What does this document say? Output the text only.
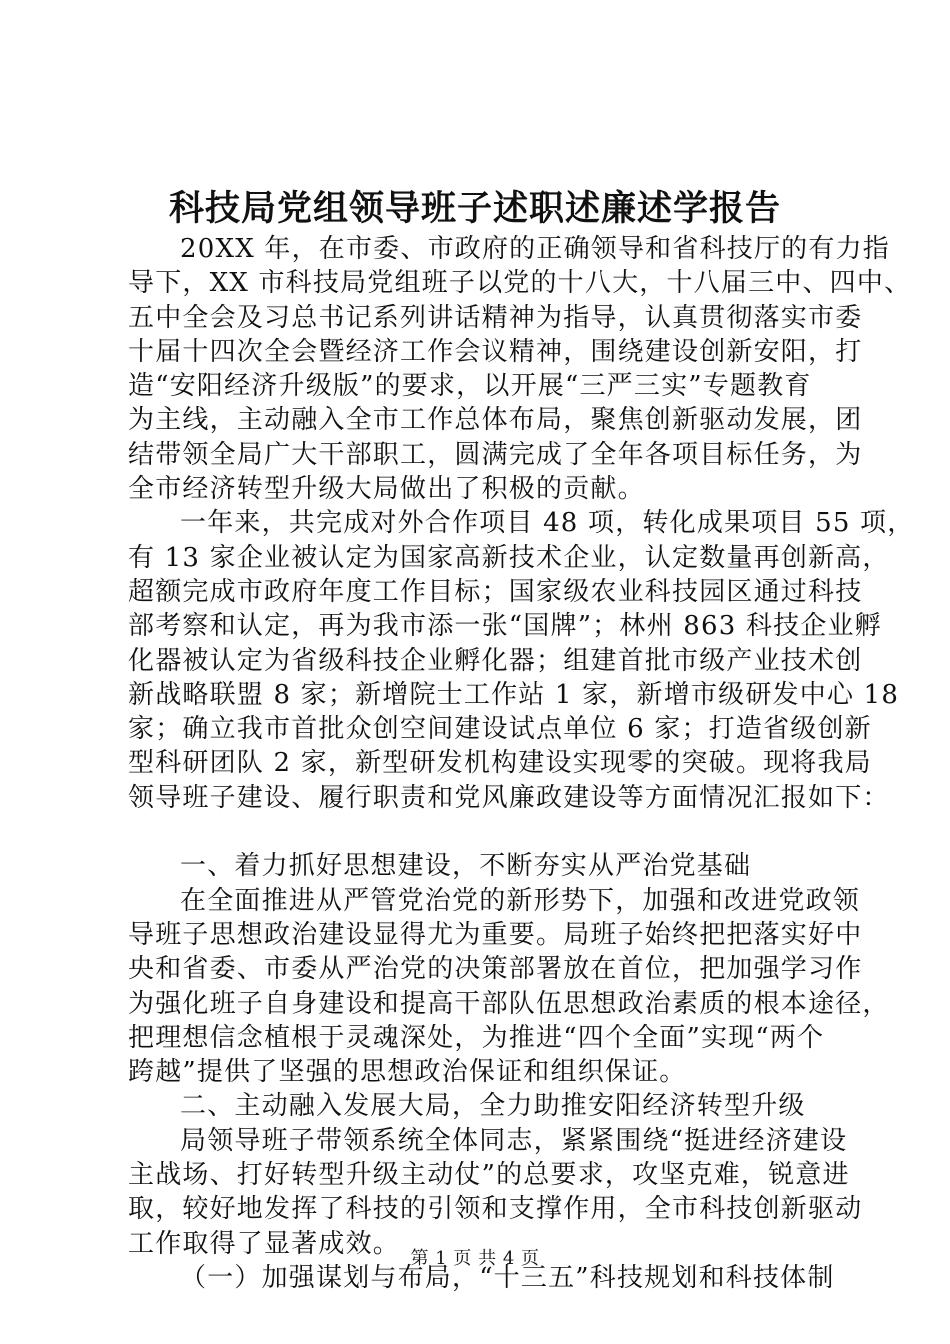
科技局党组领导班子述职述廉述学报告
20XX 年，在市委、市政府的正确领导和省科技厅的有力指
导下，XX 市科技局党组班子以党的十八大，十八届三中、四中、
五中全会及习总书记系列讲话精神为指导，认真贯彻落实市委
十届十四次全会暨经济工作会议精神，围绕建设创新安阳，打
造“安阳经济升级版”的要求，以开展“三严三实”专题教育
为主线，主动融入全市工作总体布局，聚焦创新驱动发展，团
结带领全局广大干部职工，圆满完成了全年各项目标任务，为
全市经济转型升级大局做出了积极的贡献。
一年来，共完成对外合作项目 48 项，转化成果项目 55 项，
有 13 家企业被认定为国家高新技术企业，认定数量再创新高，
超额完成市政府年度工作目标；国家级农业科技园区通过科技
部考察和认定，再为我市添一张“国牌”；林州 863 科技企业孵
化器被认定为省级科技企业孵化器；组建首批市级产业技术创
新战略联盟 8 家；新增院士工作站 1 家，新增市级研发中心 18
家；确立我市首批众创空间建设试点单位 6 家；打造省级创新
型科研团队 2 家，新型研发机构建设实现零的突破。现将我局
领导班子建设、履行职责和党风廉政建设等方面情况汇报如下：
一、着力抓好思想建设，不断夯实从严治党基础
在全面推进从严管党治党的新形势下，加强和改进党政领
导班子思想政治建设显得尤为重要。局班子始终把把落实好中
央和省委、市委从严治党的决策部署放在首位，把加强学习作
为强化班子自身建设和提高干部队伍思想政治素质的根本途径，
把理想信念植根于灵魂深处，为推进“四个全面”实现“两个
跨越”提供了坚强的思想政治保证和组织保证。
二、主动融入发展大局，全力助推安阳经济转型升级
局领导班子带领系统全体同志，紧紧围绕“挺进经济建设
主战场、打好转型升级主动仗”的总要求，攻坚克难，锐意进
取，较好地发挥了科技的引领和支撑作用，全市科技创新驱动
工作取得了显著成效。
（一）加强谋划与布局，“十三五”科技规划和科技体制
第 1 页 共 4 页
